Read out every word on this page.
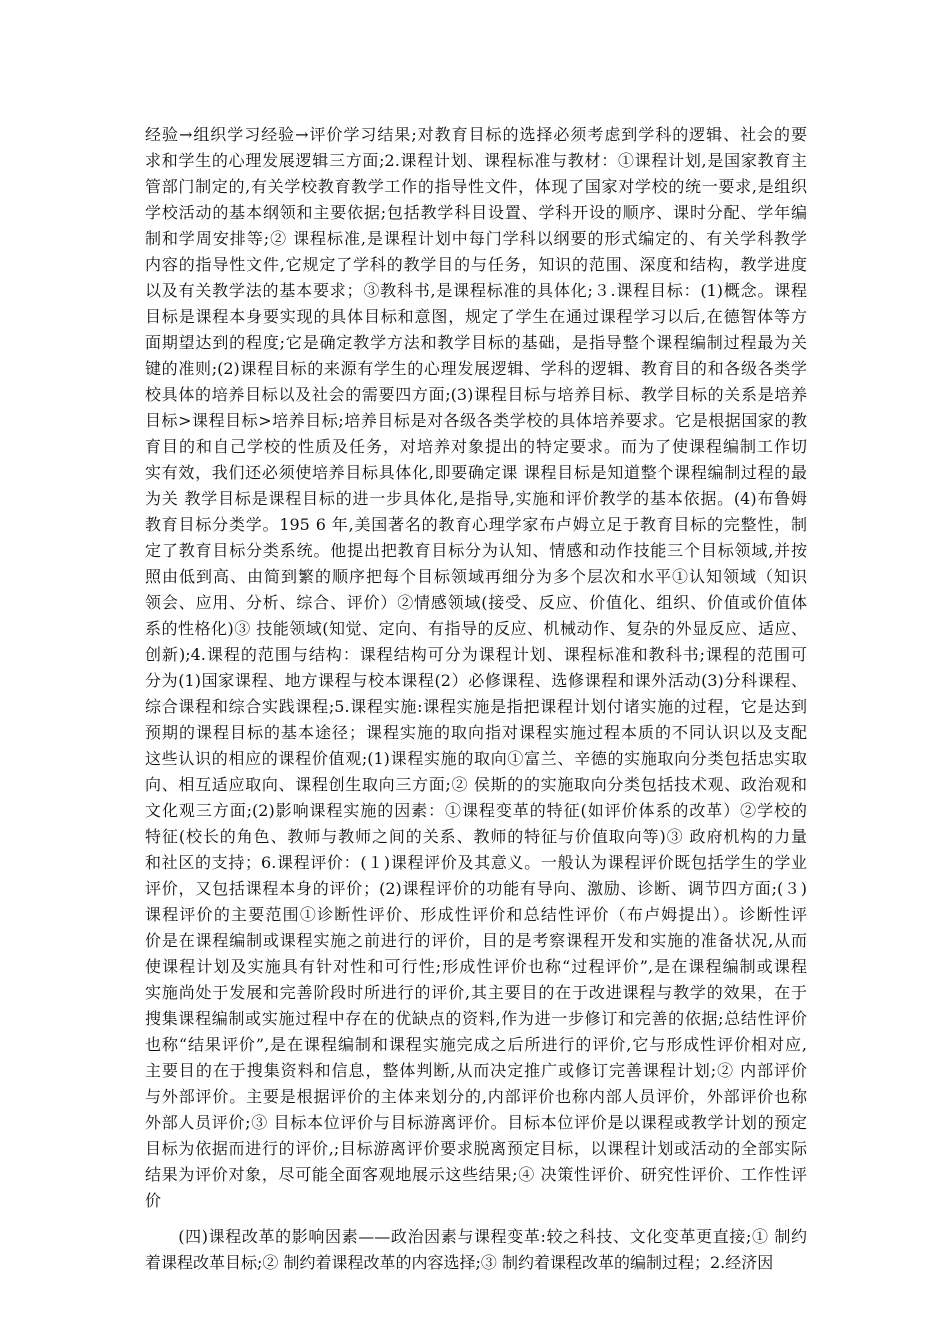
经验→组织学习经验→评价学习结果;对教育目标的选择必须考虑到学科的逻辑、社会的要
求和学生的心理发展逻辑三方面;2.课程计划、课程标准与教材：①课程计划,是国家教育主
管部门制定的,有关学校教育教学工作的指导性文件，体现了国家对学校的统一要求,是组织
学校活动的基本纲领和主要依据;包括教学科目设置、学科开设的顺序、课时分配、学年编
制和学周安排等;② 课程标准,是课程计划中每门学科以纲要的形式编定的、有关学科教学
内容的指导性文件,它规定了学科的教学目的与任务，知识的范围、深度和结构，教学进度
以及有关教学法的基本要求；③教科书,是课程标准的具体化;３.课程目标：(1)概念。课程
目标是课程本身要实现的具体目标和意图，规定了学生在通过课程学习以后,在德智体等方
面期望达到的程度;它是确定教学方法和教学目标的基础，是指导整个课程编制过程最为关
键的准则;(2)课程目标的来源有学生的心理发展逻辑、学科的逻辑、教育目的和各级各类学
校具体的培养目标以及社会的需要四方面;(3)课程目标与培养目标、教学目标的关系是培养
目标>课程目标>培养目标;培养目标是对各级各类学校的具体培养要求。它是根据国家的教
育目的和自己学校的性质及任务，对培养对象提出的特定要求。而为了使课程编制工作切
实有效，我们还必须使培养目标具体化,即要确定课 课程目标是知道整个课程编制过程的最
为关 教学目标是课程目标的进一步具体化,是指导,实施和评价教学的基本依据。(4)布鲁姆
教育目标分类学。195 6 年,美国著名的教育心理学家布卢姆立足于教育目标的完整性，制
定了教育目标分类系统。他提出把教育目标分为认知、情感和动作技能三个目标领域,并按
照由低到高、由简到繁的顺序把每个目标领域再细分为多个层次和水平①认知领域（知识
领会、应用、分析、综合、评价）②情感领域(接受、反应、价值化、组织、价值或价值体
系的性格化)③ 技能领域(知觉、定向、有指导的反应、机械动作、复杂的外显反应、适应、
创新);4.课程的范围与结构：课程结构可分为课程计划、课程标准和教科书;课程的范围可
分为(1)国家课程、地方课程与校本课程(2）必修课程、选修课程和课外活动(3)分科课程、
综合课程和综合实践课程;5.课程实施:课程实施是指把课程计划付诸实施的过程，它是达到
预期的课程目标的基本途径；课程实施的取向指对课程实施过程本质的不同认识以及支配
这些认识的相应的课程价值观;(1)课程实施的取向①富兰、辛德的实施取向分类包括忠实取
向、相互适应取向、课程创生取向三方面;② 侯斯的的实施取向分类包括技术观、政治观和
文化观三方面;(2)影响课程实施的因素：①课程变革的特征(如评价体系的改革）②学校的
特征(校长的角色、教师与教师之间的关系、教师的特征与价值取向等)③ 政府机构的力量
和社区的支持；6.课程评价：(１)课程评价及其意义。一般认为课程评价既包括学生的学业
评价，又包括课程本身的评价；(2)课程评价的功能有导向、激励、诊断、调节四方面;(３)
课程评价的主要范围①诊断性评价、形成性评价和总结性评价（布卢姆提出）。诊断性评
价是在课程编制或课程实施之前进行的评价，目的是考察课程开发和实施的准备状况,从而
使课程计划及实施具有针对性和可行性;形成性评价也称“过程评价”,是在课程编制或课程
实施尚处于发展和完善阶段时所进行的评价,其主要目的在于改进课程与教学的效果，在于
搜集课程编制或实施过程中存在的优缺点的资料,作为进一步修订和完善的依据;总结性评价
也称“结果评价”,是在课程编制和课程实施完成之后所进行的评价,它与形成性评价相对应,
主要目的在于搜集资料和信息，整体判断,从而决定推广或修订完善课程计划;② 内部评价
与外部评价。主要是根据评价的主体来划分的,内部评价也称内部人员评价，外部评价也称
外部人员评价;③ 目标本位评价与目标游离评价。目标本位评价是以课程或教学计划的预定
目标为依据而进行的评价,;目标游离评价要求脱离预定目标，以课程计划或活动的全部实际
结果为评价对象，尽可能全面客观地展示这些结果;④ 决策性评价、研究性评价、工作性评
价
　　(四)课程改革的影响因素——政治因素与课程变革:较之科技、文化变革更直接;① 制约
着课程改革目标;② 制约着课程改革的内容选择;③ 制约着课程改革的编制过程；2.经济因
